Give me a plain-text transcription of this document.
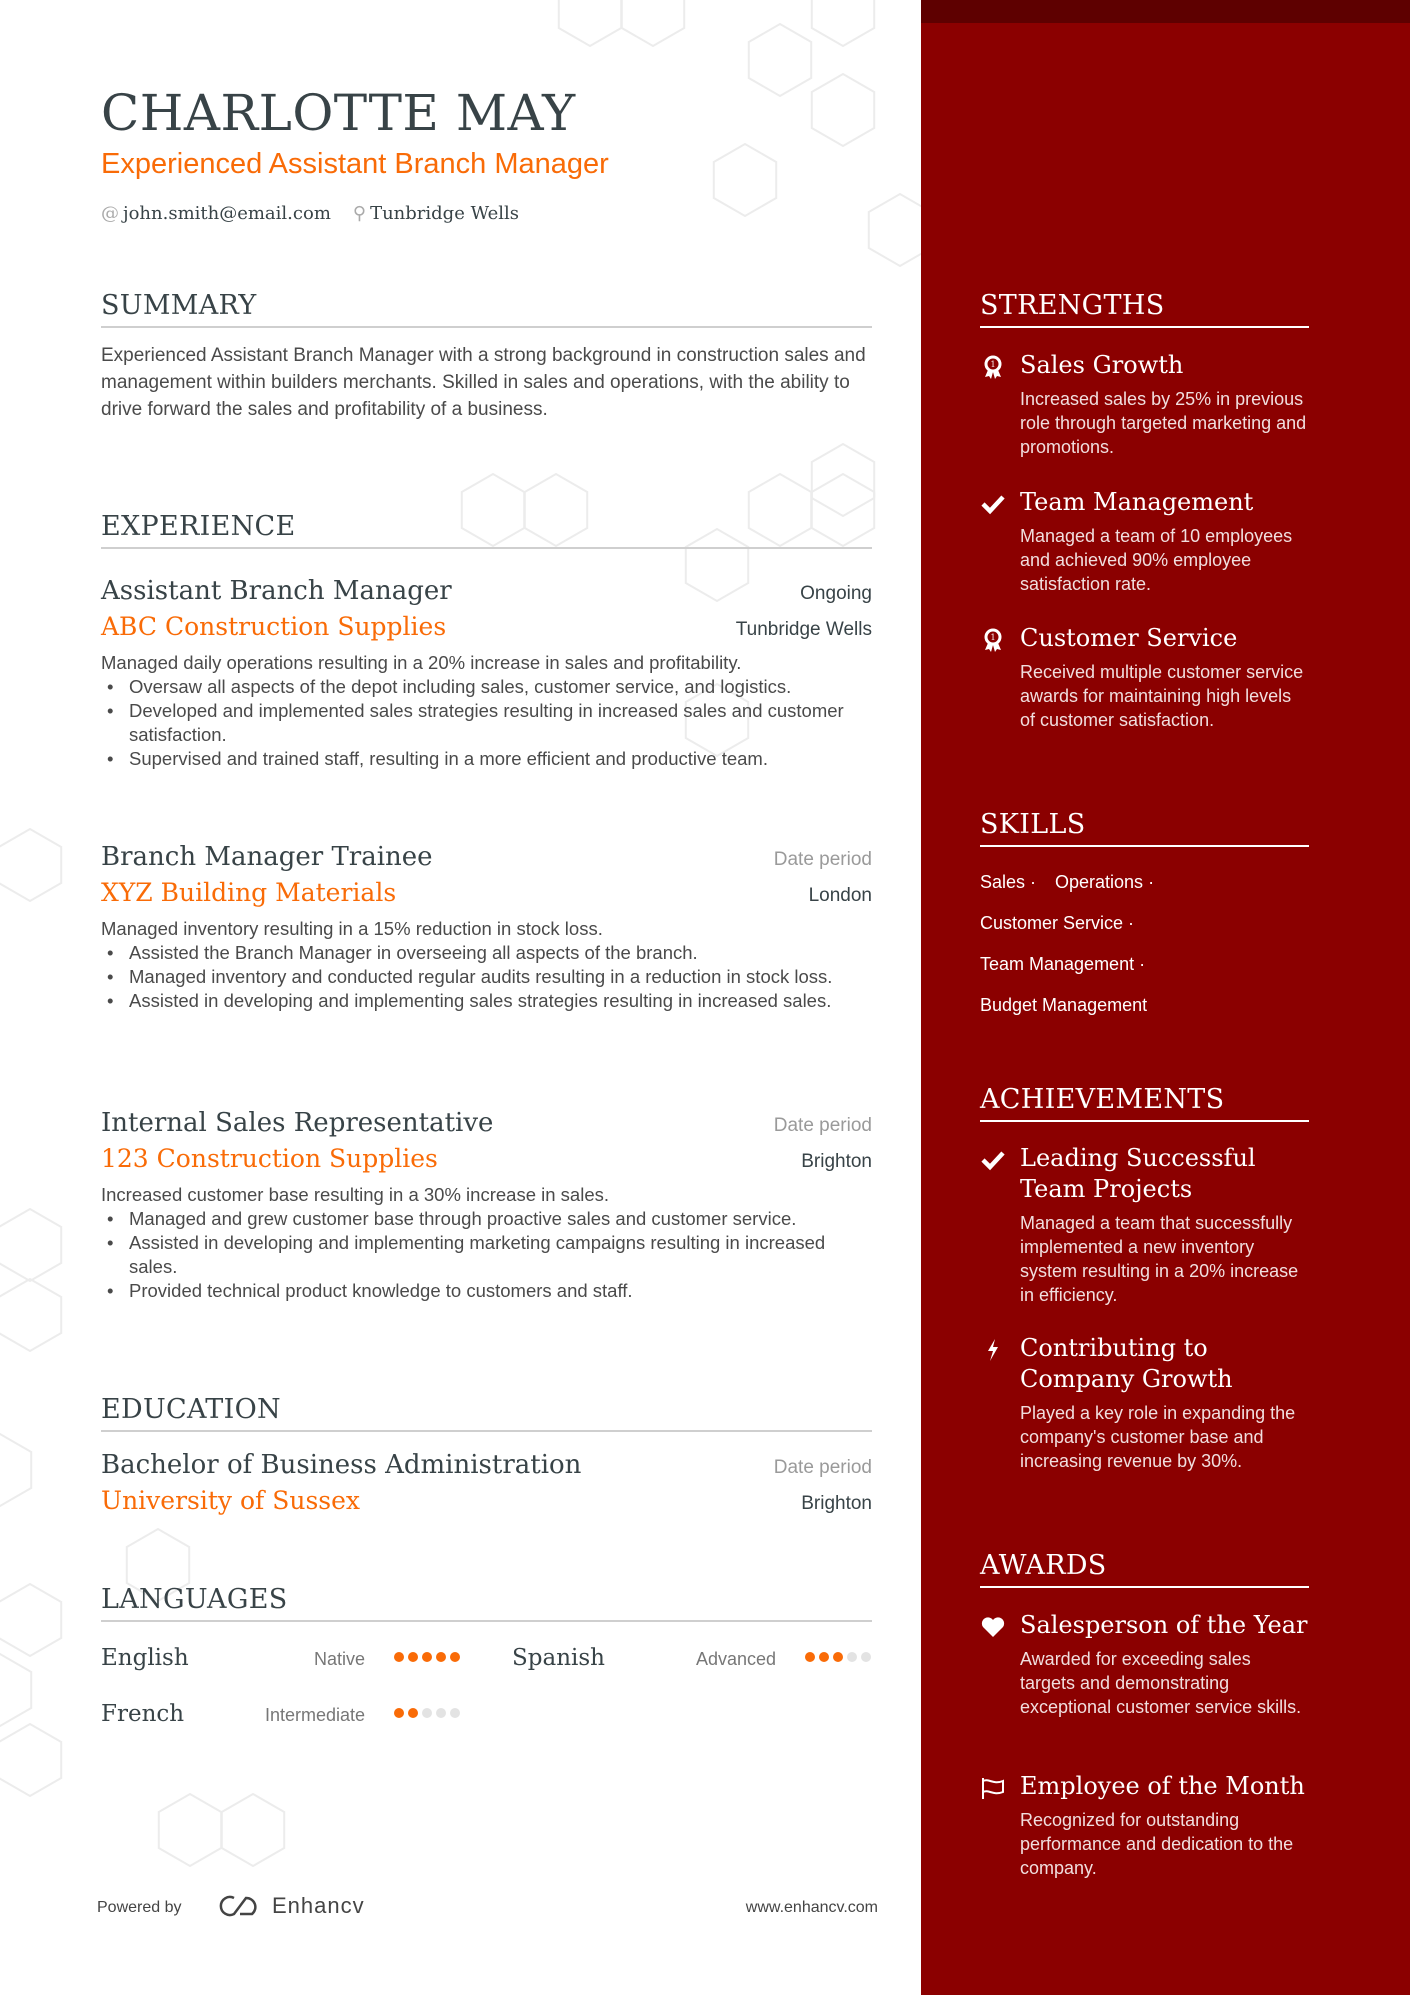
CHARLOTTE MAY
Experienced Assistant Branch Manager
@ john.smith@email.com ⚲ Tunbridge Wells
SUMMARY
Experienced Assistant Branch Manager with a strong background in construction sales and management within builders merchants. Skilled in sales and operations, with the ability to drive forward the sales and profitability of a business.
EXPERIENCE
Assistant Branch Manager	Ongoing
ABC Construction Supplies	Tunbridge Wells
Managed daily operations resulting in a 20% increase in sales and profitability.
• Oversaw all aspects of the depot including sales, customer service, and logistics.
• Developed and implemented sales strategies resulting in increased sales and customer satisfaction.
• Supervised and trained staff, resulting in a more efficient and productive team.
Branch Manager Trainee	Date period
XYZ Building Materials	London
Managed inventory resulting in a 15% reduction in stock loss.
• Assisted the Branch Manager in overseeing all aspects of the branch.
• Managed inventory and conducted regular audits resulting in a reduction in stock loss.
• Assisted in developing and implementing sales strategies resulting in increased sales.
Internal Sales Representative	Date period
123 Construction Supplies	Brighton
Increased customer base resulting in a 30% increase in sales.
• Managed and grew customer base through proactive sales and customer service.
• Assisted in developing and implementing marketing campaigns resulting in increased sales.
• Provided technical product knowledge to customers and staff.
EDUCATION
Bachelor of Business Administration	Date period
University of Sussex	Brighton
LANGUAGES
English	Native	Spanish	Advanced
French	Intermediate
Powered by	Enhancv	www.enhancv.com
STRENGTHS
SKILLS
ACHIEVEMENTS
AWARDS
1 Sales Growth
Increased sales by 25% in previous role through targeted marketing and promotions.
Team Management
Managed a team of 10 employees and achieved 90% employee satisfaction rate.
1 Customer Service
Received multiple customer service awards for maintaining high levels of customer satisfaction.
Leading Successful Team Projects
Managed a team that successfully implemented a new inventory system resulting in a 20% increase in efficiency.
Contributing to Company Growth
Played a key role in expanding the company's customer base and increasing revenue by 30%.
Salesperson of the Year
Awarded for exceeding sales targets and demonstrating exceptional customer service skills.
Employee of the Month
Recognized for outstanding performance and dedication to the company.
Sales ·	Operations ·
Customer Service ·
Team Management ·
Budget Management
